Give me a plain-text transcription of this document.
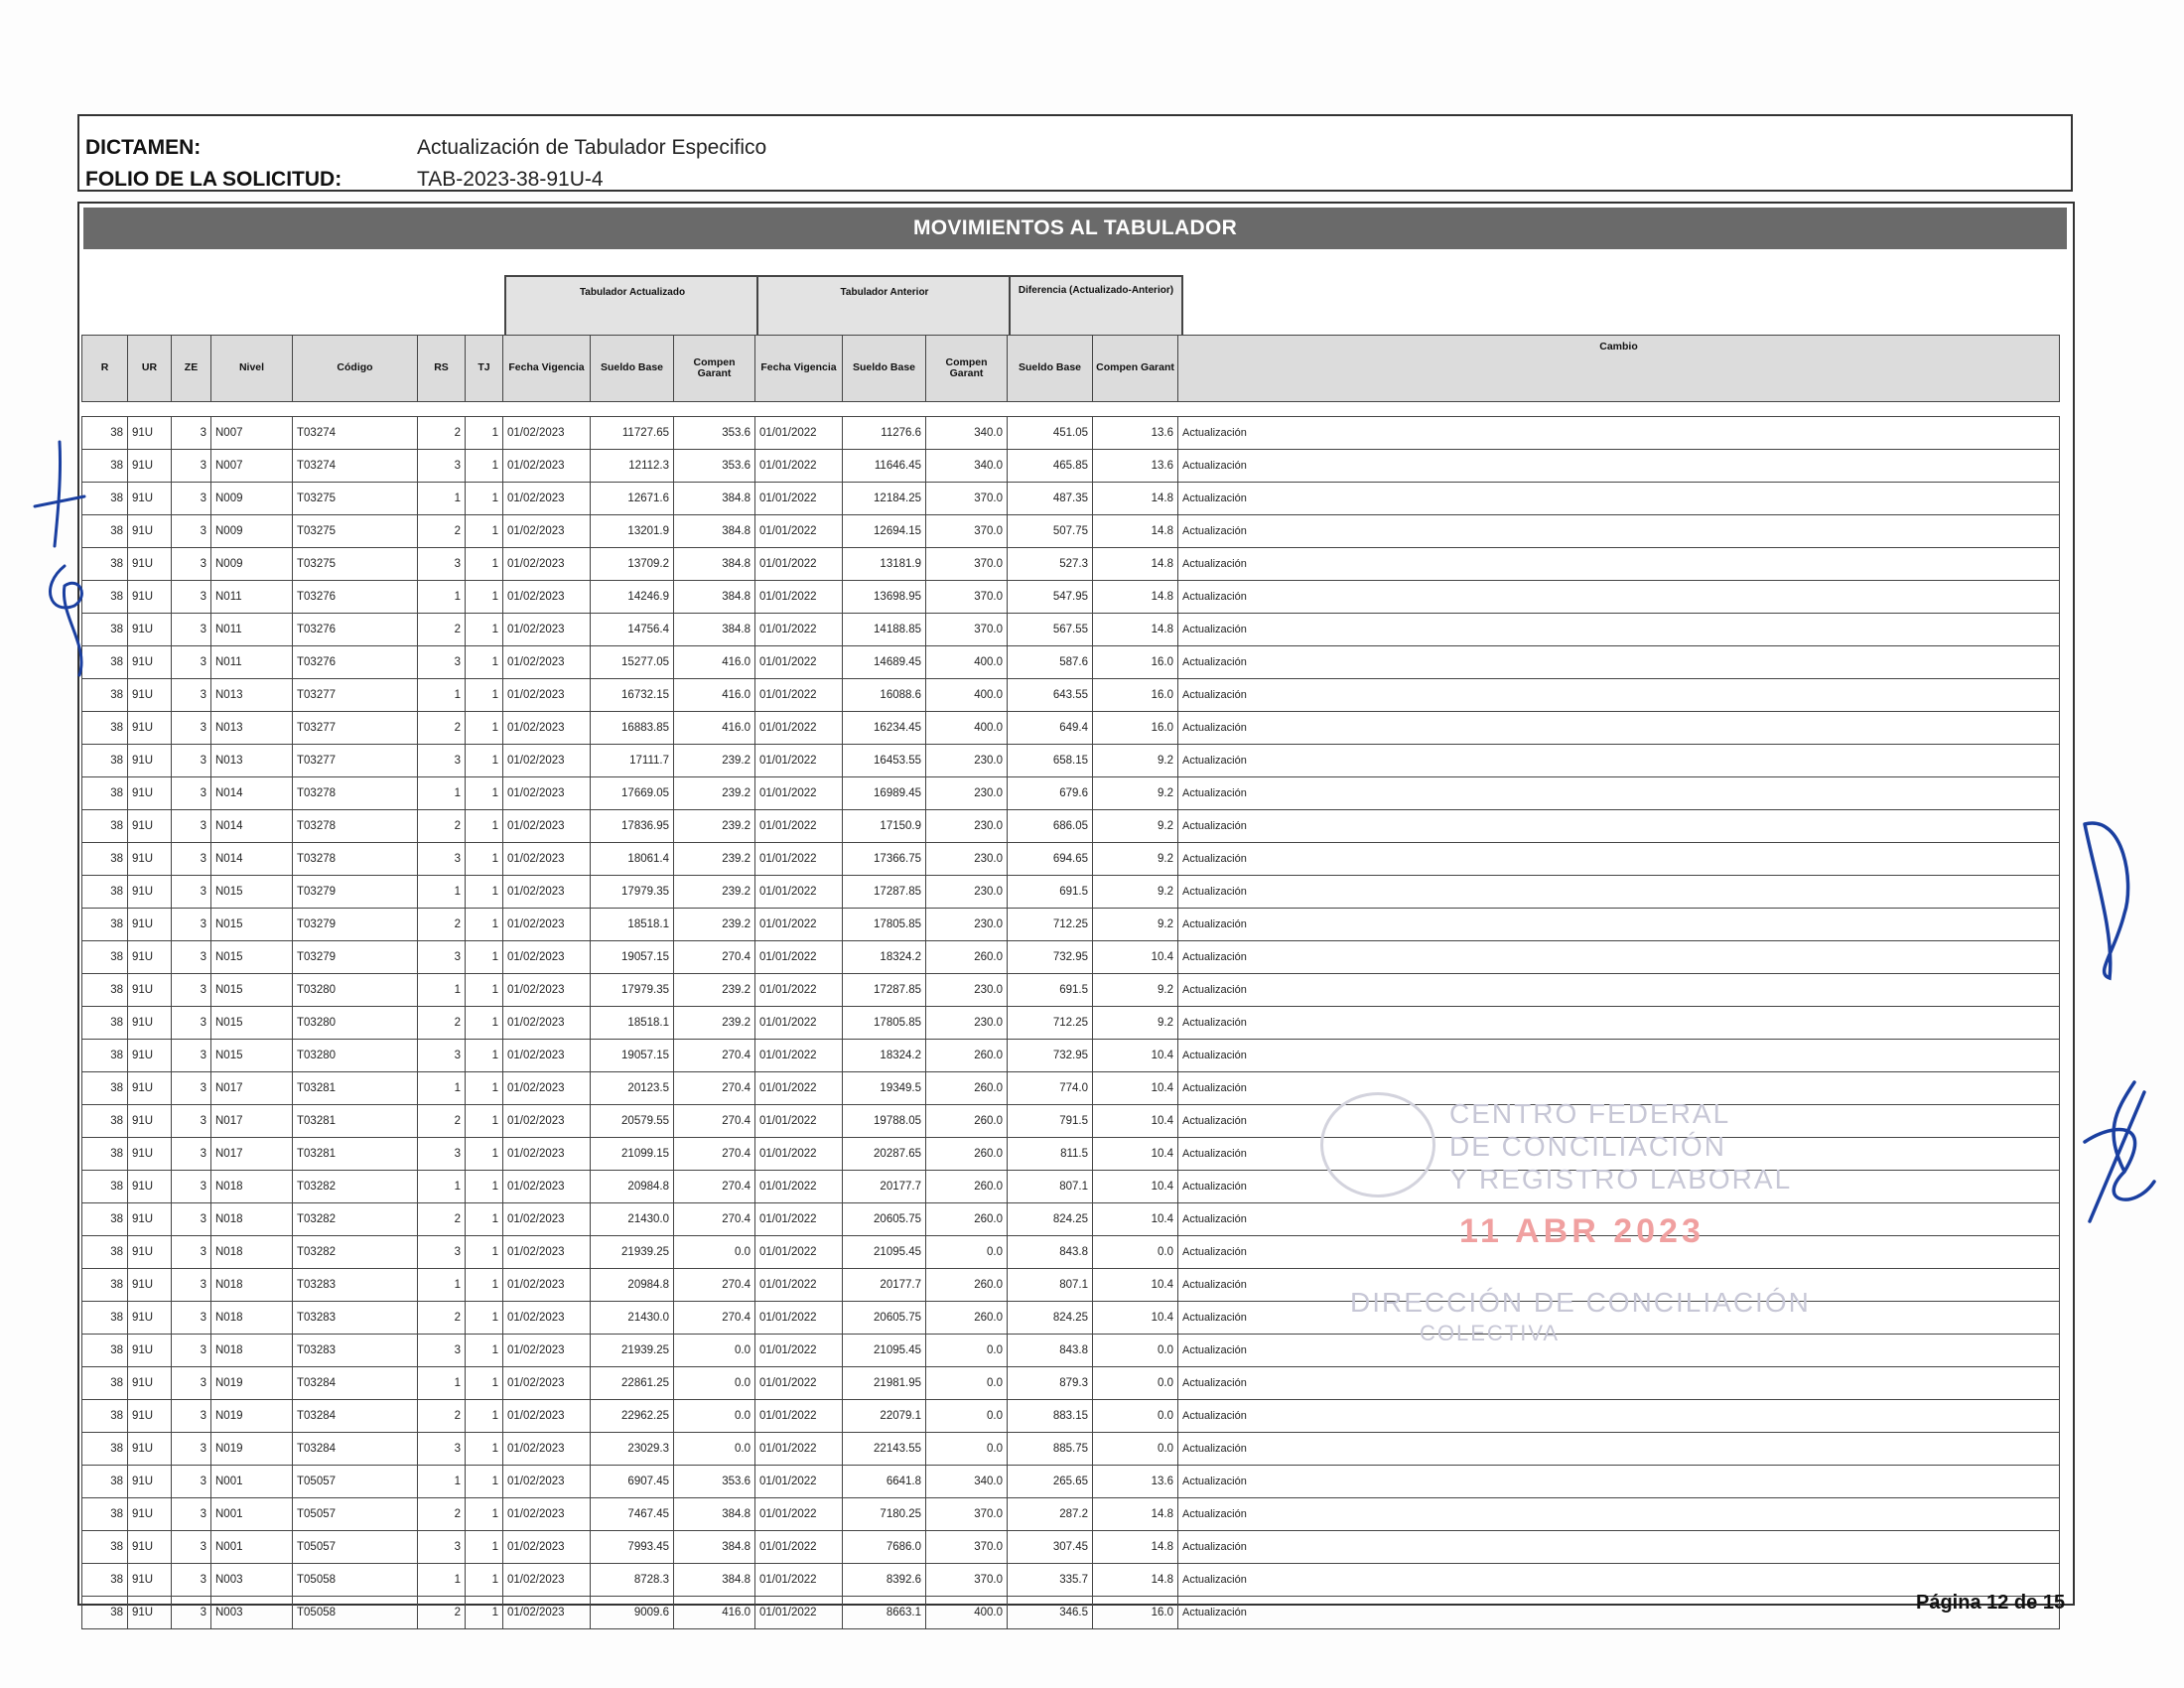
DICTAMEN:	Actualización de Tabulador Especifico
FOLIO DE LA SOLICITUD:	TAB-2023-38-91U-4
MOVIMIENTOS AL TABULADOR
Tabulador Actualizado	Tabulador Anterior	Diferencia (Actualizado-Anterior)
R	UR	ZE	Nivel	Código	RS	TJ	Fecha Vigencia	Sueldo Base	Compen Garant	Fecha Vigencia	Sueldo Base	Compen Garant	Sueldo Base	Compen Garant	Cambio

38	91U	3	N007	T03274	2	1	01/02/2023	11727.65	353.6	01/01/2022	11276.6	340.0	451.05	13.6	Actualización
38	91U	3	N007	T03274	3	1	01/02/2023	12112.3	353.6	01/01/2022	11646.45	340.0	465.85	13.6	Actualización
38	91U	3	N009	T03275	1	1	01/02/2023	12671.6	384.8	01/01/2022	12184.25	370.0	487.35	14.8	Actualización
38	91U	3	N009	T03275	2	1	01/02/2023	13201.9	384.8	01/01/2022	12694.15	370.0	507.75	14.8	Actualización
38	91U	3	N009	T03275	3	1	01/02/2023	13709.2	384.8	01/01/2022	13181.9	370.0	527.3	14.8	Actualización
38	91U	3	N011	T03276	1	1	01/02/2023	14246.9	384.8	01/01/2022	13698.95	370.0	547.95	14.8	Actualización
38	91U	3	N011	T03276	2	1	01/02/2023	14756.4	384.8	01/01/2022	14188.85	370.0	567.55	14.8	Actualización
38	91U	3	N011	T03276	3	1	01/02/2023	15277.05	416.0	01/01/2022	14689.45	400.0	587.6	16.0	Actualización
38	91U	3	N013	T03277	1	1	01/02/2023	16732.15	416.0	01/01/2022	16088.6	400.0	643.55	16.0	Actualización
38	91U	3	N013	T03277	2	1	01/02/2023	16883.85	416.0	01/01/2022	16234.45	400.0	649.4	16.0	Actualización
38	91U	3	N013	T03277	3	1	01/02/2023	17111.7	239.2	01/01/2022	16453.55	230.0	658.15	9.2	Actualización
38	91U	3	N014	T03278	1	1	01/02/2023	17669.05	239.2	01/01/2022	16989.45	230.0	679.6	9.2	Actualización
38	91U	3	N014	T03278	2	1	01/02/2023	17836.95	239.2	01/01/2022	17150.9	230.0	686.05	9.2	Actualización
38	91U	3	N014	T03278	3	1	01/02/2023	18061.4	239.2	01/01/2022	17366.75	230.0	694.65	9.2	Actualización
38	91U	3	N015	T03279	1	1	01/02/2023	17979.35	239.2	01/01/2022	17287.85	230.0	691.5	9.2	Actualización
38	91U	3	N015	T03279	2	1	01/02/2023	18518.1	239.2	01/01/2022	17805.85	230.0	712.25	9.2	Actualización
38	91U	3	N015	T03279	3	1	01/02/2023	19057.15	270.4	01/01/2022	18324.2	260.0	732.95	10.4	Actualización
38	91U	3	N015	T03280	1	1	01/02/2023	17979.35	239.2	01/01/2022	17287.85	230.0	691.5	9.2	Actualización
38	91U	3	N015	T03280	2	1	01/02/2023	18518.1	239.2	01/01/2022	17805.85	230.0	712.25	9.2	Actualización
38	91U	3	N015	T03280	3	1	01/02/2023	19057.15	270.4	01/01/2022	18324.2	260.0	732.95	10.4	Actualización
38	91U	3	N017	T03281	1	1	01/02/2023	20123.5	270.4	01/01/2022	19349.5	260.0	774.0	10.4	Actualización
38	91U	3	N017	T03281	2	1	01/02/2023	20579.55	270.4	01/01/2022	19788.05	260.0	791.5	10.4	Actualización
38	91U	3	N017	T03281	3	1	01/02/2023	21099.15	270.4	01/01/2022	20287.65	260.0	811.5	10.4	Actualización
38	91U	3	N018	T03282	1	1	01/02/2023	20984.8	270.4	01/01/2022	20177.7	260.0	807.1	10.4	Actualización
38	91U	3	N018	T03282	2	1	01/02/2023	21430.0	270.4	01/01/2022	20605.75	260.0	824.25	10.4	Actualización
38	91U	3	N018	T03282	3	1	01/02/2023	21939.25	0.0	01/01/2022	21095.45	0.0	843.8	0.0	Actualización
38	91U	3	N018	T03283	1	1	01/02/2023	20984.8	270.4	01/01/2022	20177.7	260.0	807.1	10.4	Actualización
38	91U	3	N018	T03283	2	1	01/02/2023	21430.0	270.4	01/01/2022	20605.75	260.0	824.25	10.4	Actualización
38	91U	3	N018	T03283	3	1	01/02/2023	21939.25	0.0	01/01/2022	21095.45	0.0	843.8	0.0	Actualización
38	91U	3	N019	T03284	1	1	01/02/2023	22861.25	0.0	01/01/2022	21981.95	0.0	879.3	0.0	Actualización
38	91U	3	N019	T03284	2	1	01/02/2023	22962.25	0.0	01/01/2022	22079.1	0.0	883.15	0.0	Actualización
38	91U	3	N019	T03284	3	1	01/02/2023	23029.3	0.0	01/01/2022	22143.55	0.0	885.75	0.0	Actualización
38	91U	3	N001	T05057	1	1	01/02/2023	6907.45	353.6	01/01/2022	6641.8	340.0	265.65	13.6	Actualización
38	91U	3	N001	T05057	2	1	01/02/2023	7467.45	384.8	01/01/2022	7180.25	370.0	287.2	14.8	Actualización
38	91U	3	N001	T05057	3	1	01/02/2023	7993.45	384.8	01/01/2022	7686.0	370.0	307.45	14.8	Actualización
38	91U	3	N003	T05058	1	1	01/02/2023	8728.3	384.8	01/01/2022	8392.6	370.0	335.7	14.8	Actualización
38	91U	3	N003	T05058	2	1	01/02/2023	9009.6	416.0	01/01/2022	8663.1	400.0	346.5	16.0	Actualización
CENTRO FEDERAL
DE CONCILIACIÓN
Y REGISTRO LABORAL
11 ABR 2023
DIRECCIÓN DE CONCILIACIÓN
COLECTIVA
Página 12 de 15
